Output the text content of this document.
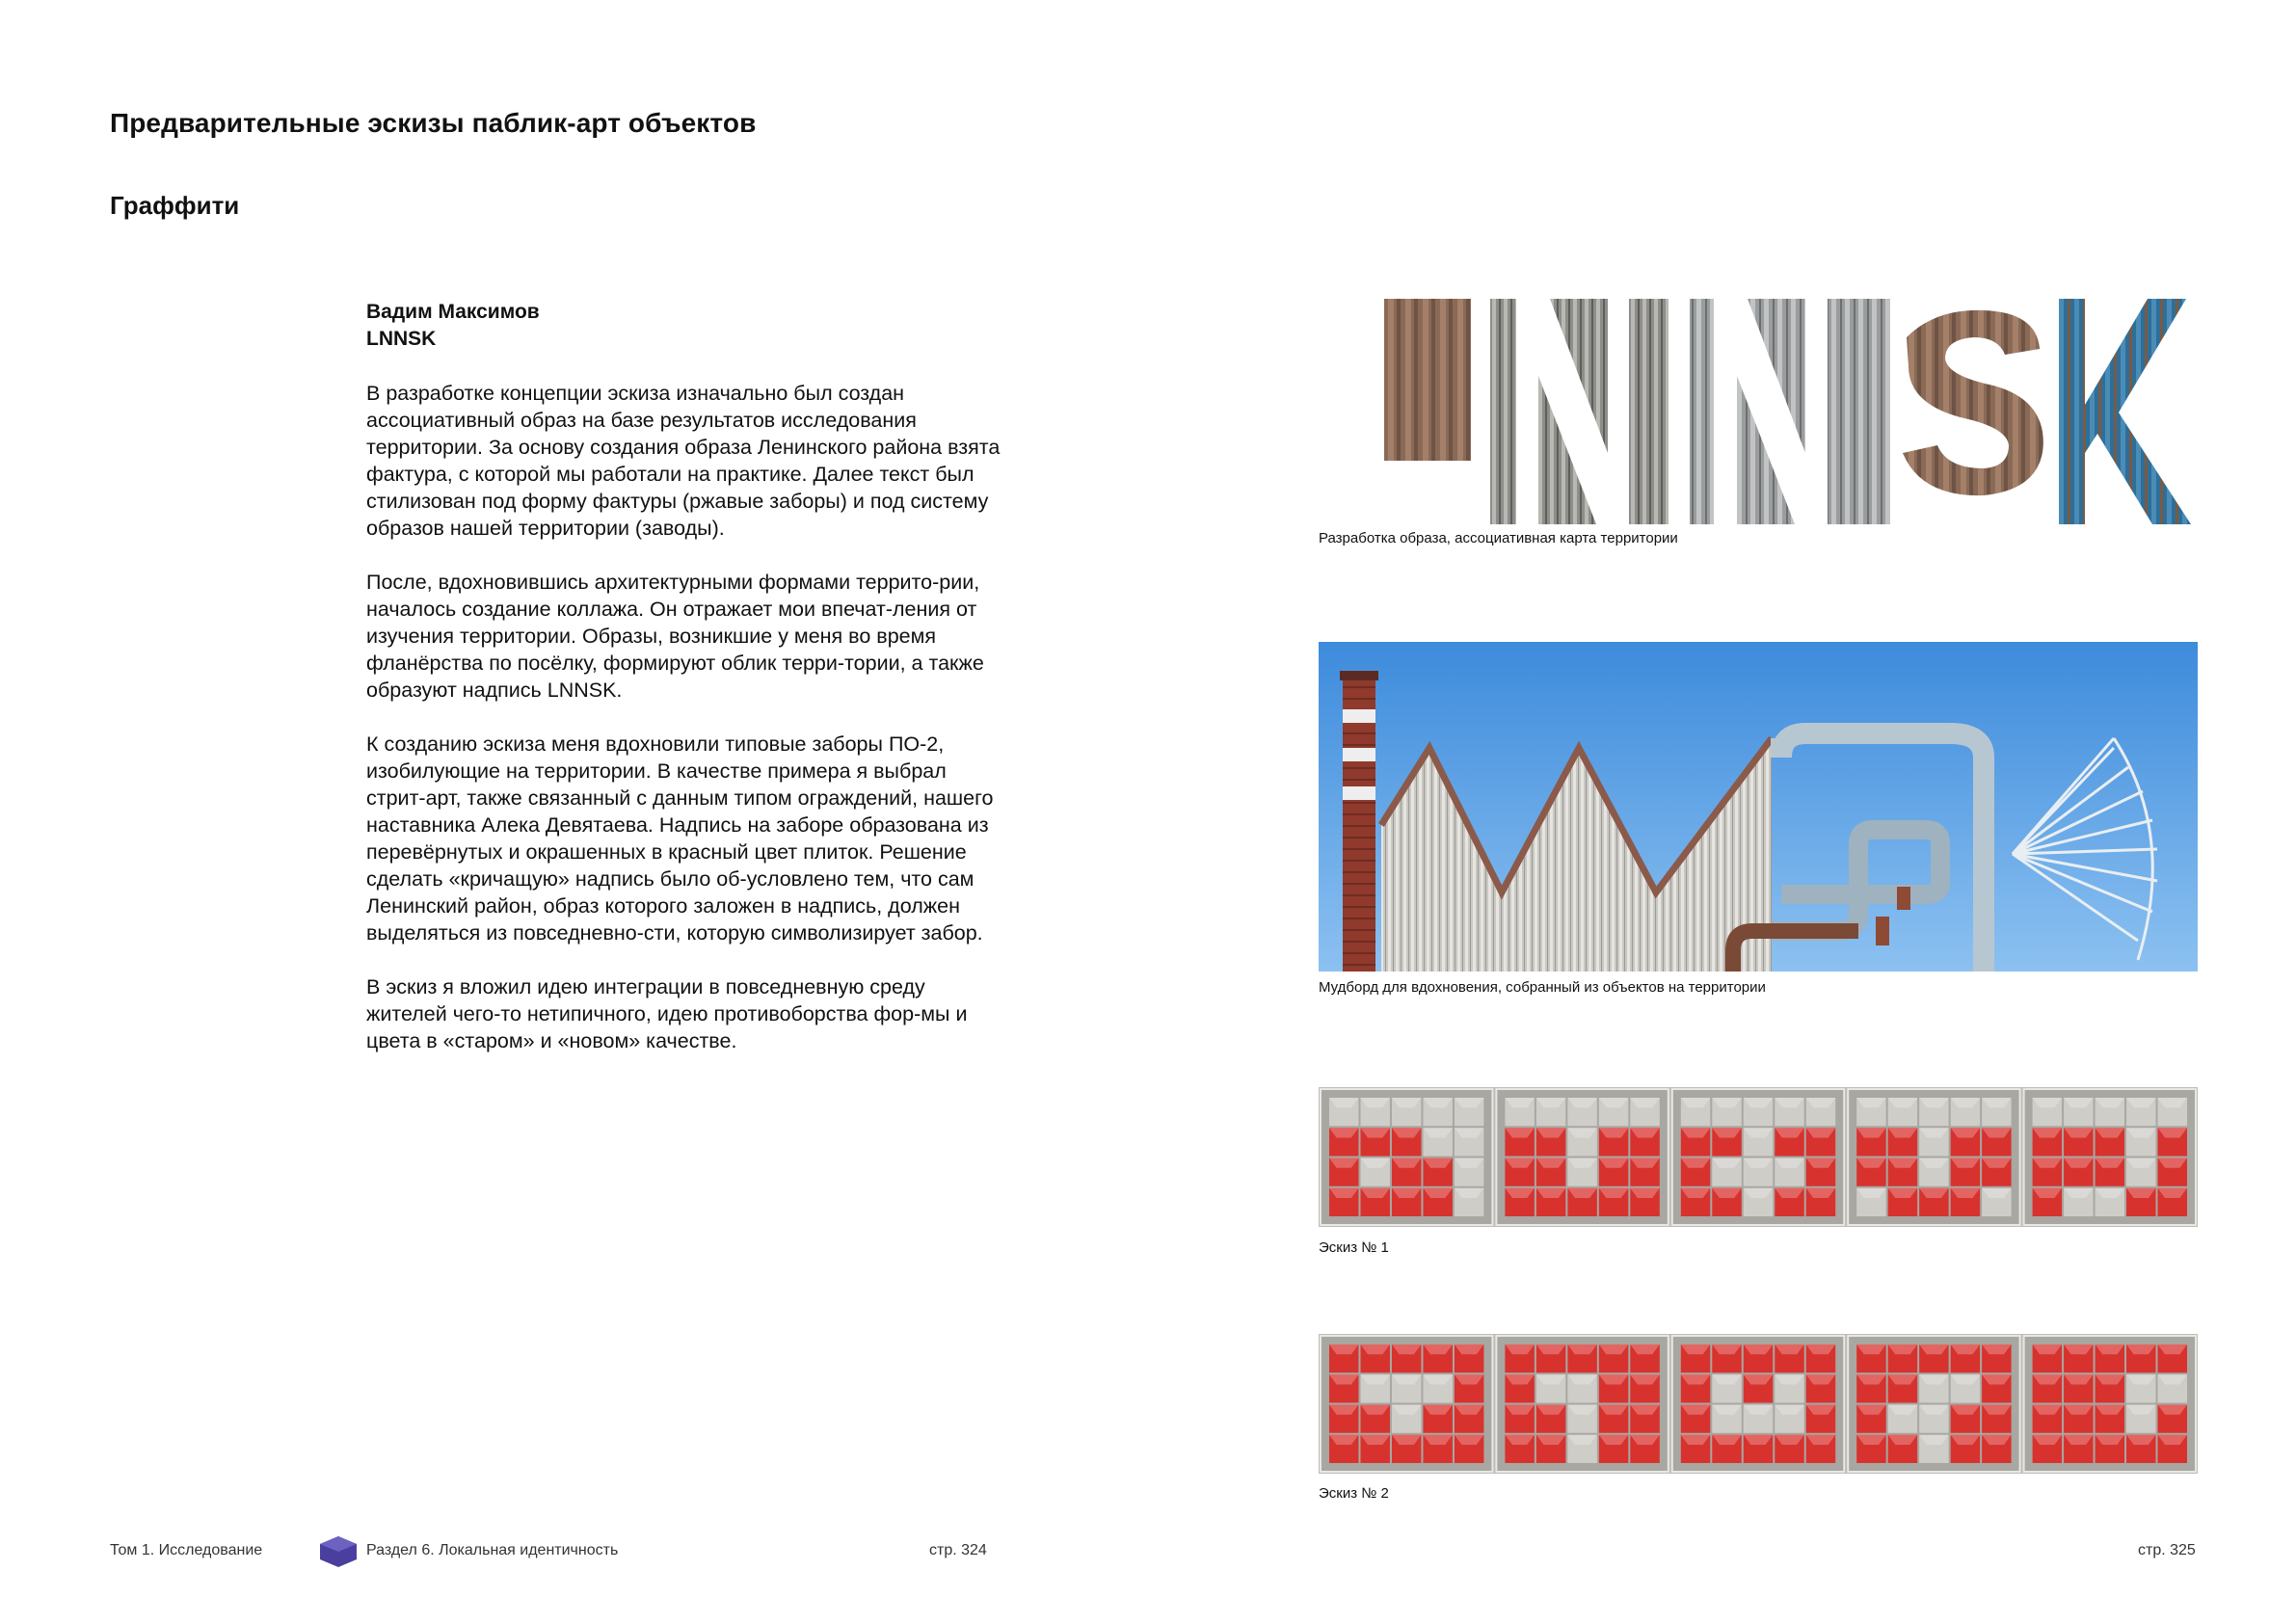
Предварительные эскизы паблик-арт объектов
Граффити
Вадим Максимов
LNNSK

В разработке концепции эскиза изначально был создан ассоциативный образ на базе результатов исследования территории. За основу создания образа Ленинского района взята фактура, с которой мы работали на практике. Далее текст был стилизован под форму фактуры (ржавые заборы) и под систему образов нашей территории (заводы).

После, вдохновившись архитектурными формами террито-рии, началось создание коллажа. Он отражает мои впечат-ления от изучения территории. Образы, возникшие у меня во время фланёрства по посёлку, формируют облик терри-тории, а также образуют надпись LNNSK.

К созданию эскиза меня вдохновили типовые заборы ПО-2, изобилующие на территории. В качестве примера я выбрал стрит-арт, также связанный с данным типом ограждений, нашего наставника Алека Девятаева. Надпись на заборе образована из перевёрнутых и окрашенных в красный цвет плиток. Решение сделать «кричащую» надпись было об-условлено тем, что сам Ленинский район, образ которого заложен в надпись, должен выделяться из повседневно-сти, которую символизирует забор.

В эскиз я вложил идею интеграции в повседневную среду жителей чего-то нетипичного, идею противоборства фор-мы и цвета в «старом» и «новом» качестве.

Разработка образа, ассоциативная карта территории
Мудборд для вдохновения, собранный из объектов на территории
Эскиз № 1
Эскиз № 2
Том 1. Исследование	Раздел 6. Локальная идентичность	стр. 324	стр. 325
